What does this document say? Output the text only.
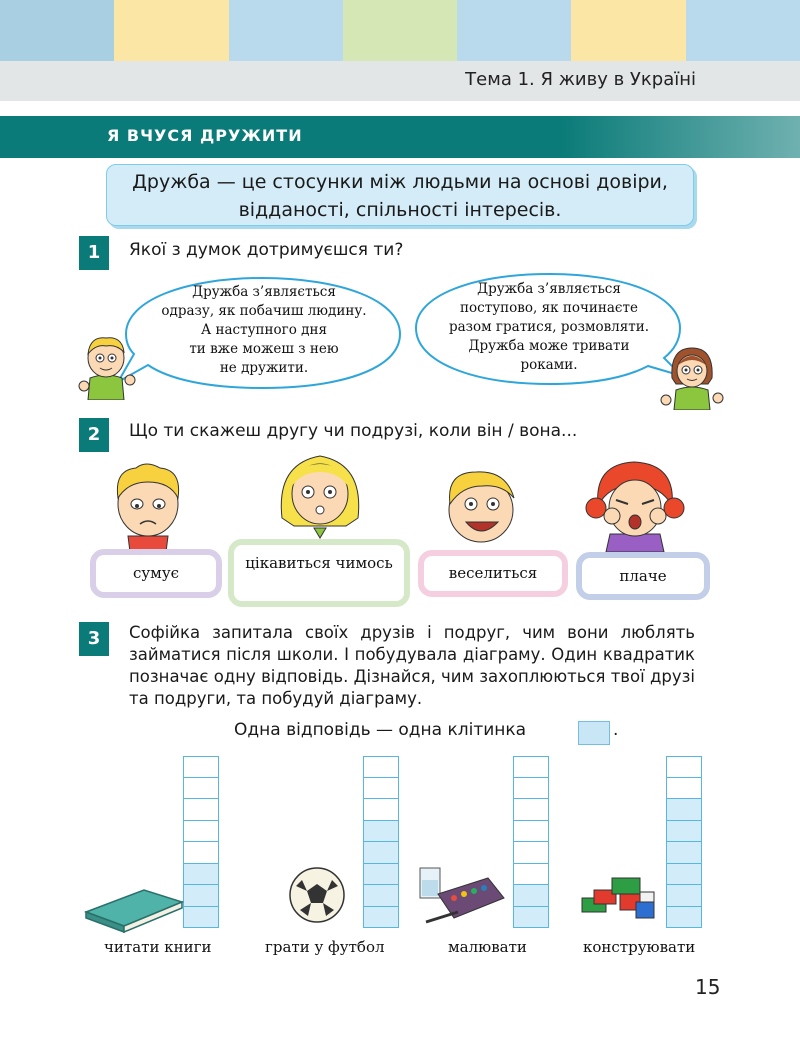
Тема 1. Я живу в Україні
Я ВЧУСЯ ДРУЖИТИ
Дружба — це стосунки між людьми на основі довіри,
відданості, спільності інтересів.
1	Якої з думок дотримуєшся ти?
Дружба з’являється
одразу, як побачиш людину.
А наступного дня
ти вже можеш з нею
не дружити.
Дружба з’являється
поступово, як починаєте
разом гратися, розмовляти.
Дружба може тривати
роками.
2	Що ти скажеш другу чи подрузі, коли він / вона...
сумує
цікавиться чимось
веселиться	плаче
3	Софійка запитала своїх друзів і подруг, чим вони люблять займатися після школи. І побудувала діаграму. Один квадратик позначає одну відповідь. Дізнайся, чим захоплюються твої друзі та подруги, та побудуй діаграму.
Одна відповідь — одна клітинка	.
читати книги	грати у футбол	малювати	конструювати
15
